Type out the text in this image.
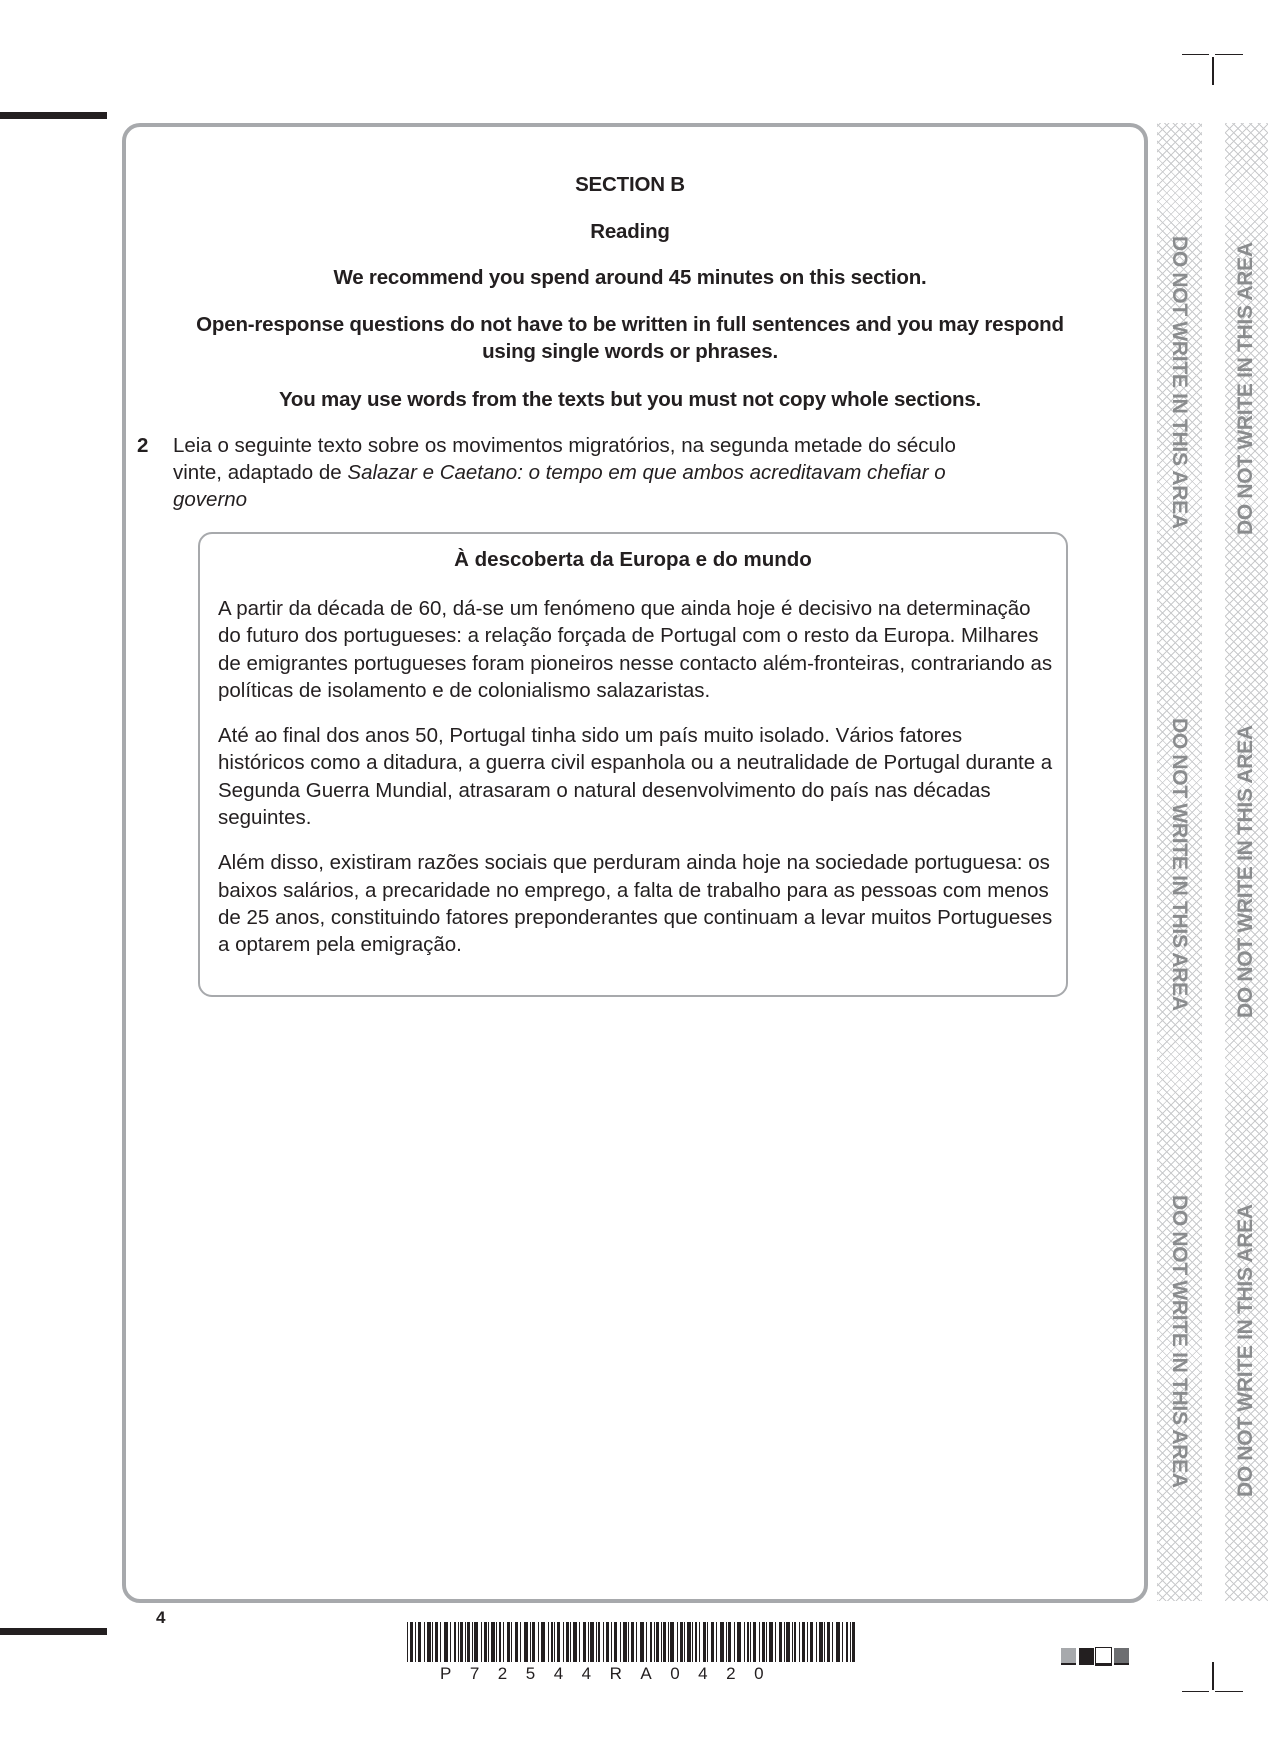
SECTION B
Reading
We recommend you spend around 45 minutes on this section.
Open-response questions do not have to be written in full sentences and you may respond
using single words or phrases.
You may use words from the texts but you must not copy whole sections.
2 Leia o seguinte texto sobre os movimentos migratórios, na segunda metade do século vinte, adaptado de Salazar e Caetano: o tempo em que ambos acreditavam chefiar o governo
À descoberta da Europa e do mundo

A partir da década de 60, dá-se um fenómeno que ainda hoje é decisivo na determinação do futuro dos portugueses: a relação forçada de Portugal com o resto da Europa. Milhares de emigrantes portugueses foram pioneiros nesse contacto além-fronteiras, contrariando as políticas de isolamento e de colonialismo salazaristas.

Até ao final dos anos 50, Portugal tinha sido um país muito isolado. Vários fatores históricos como a ditadura, a guerra civil espanhola ou a neutralidade de Portugal durante a Segunda Guerra Mundial, atrasaram o natural desenvolvimento do país nas décadas seguintes.

Além disso, existiram razões sociais que perduram ainda hoje na sociedade portuguesa: os baixos salários, a precaridade no emprego, a falta de trabalho para as pessoas com menos de 25 anos, constituindo fatores preponderantes que continuam a levar muitos Portugueses a optarem pela emigração.

DO NOT WRITE IN THIS AREA
DO NOT WRITE IN THIS AREA
DO NOT WRITE IN THIS AREA
DO NOT WRITE IN THIS AREA
DO NOT WRITE IN THIS AREA
DO NOT WRITE IN THIS AREA
4
P72544RA0420
